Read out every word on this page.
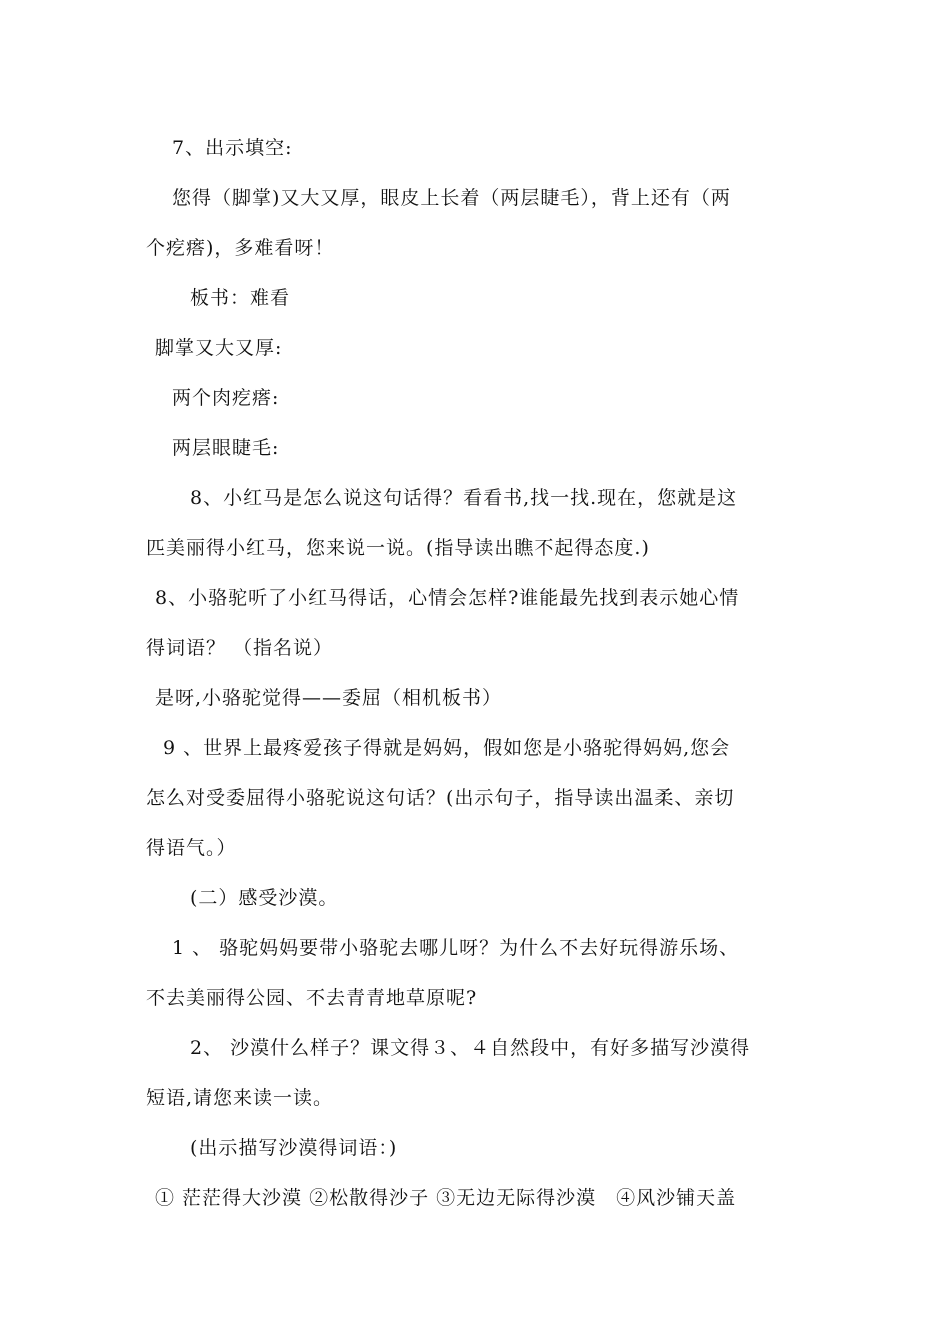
7、出示填空:
您得（脚掌)又大又厚，眼皮上长着（两层睫毛），背上还有（两
个疙瘩)，多难看呀！
板书：难看
脚掌又大又厚:
两个肉疙瘩:
两层眼睫毛:
8、小红马是怎么说这句话得？看看书,找一找.现在，您就是这
匹美丽得小红马，您来说一说。(指导读出瞧不起得态度.)
8、小骆驼听了小红马得话，心情会怎样?谁能最先找到表示她心情
得词语？ （指名说）
是呀,小骆驼觉得——委屈（相机板书）
9 、世界上最疼爱孩子得就是妈妈，假如您是小骆驼得妈妈,您会
怎么对受委屈得小骆驼说这句话？(出示句子，指导读出温柔、亲切
得语气。）
(二）感受沙漠。
1 、 骆驼妈妈要带小骆驼去哪儿呀？为什么不去好玩得游乐场、
不去美丽得公园、不去青青地草原呢?
2、 沙漠什么样子？课文得３、４自然段中，有好多描写沙漠得
短语,请您来读一读。
(出示描写沙漠得词语：)
① 茫茫得大沙漠 ②松散得沙子 ③无边无际得沙漠　④风沙铺天盖
